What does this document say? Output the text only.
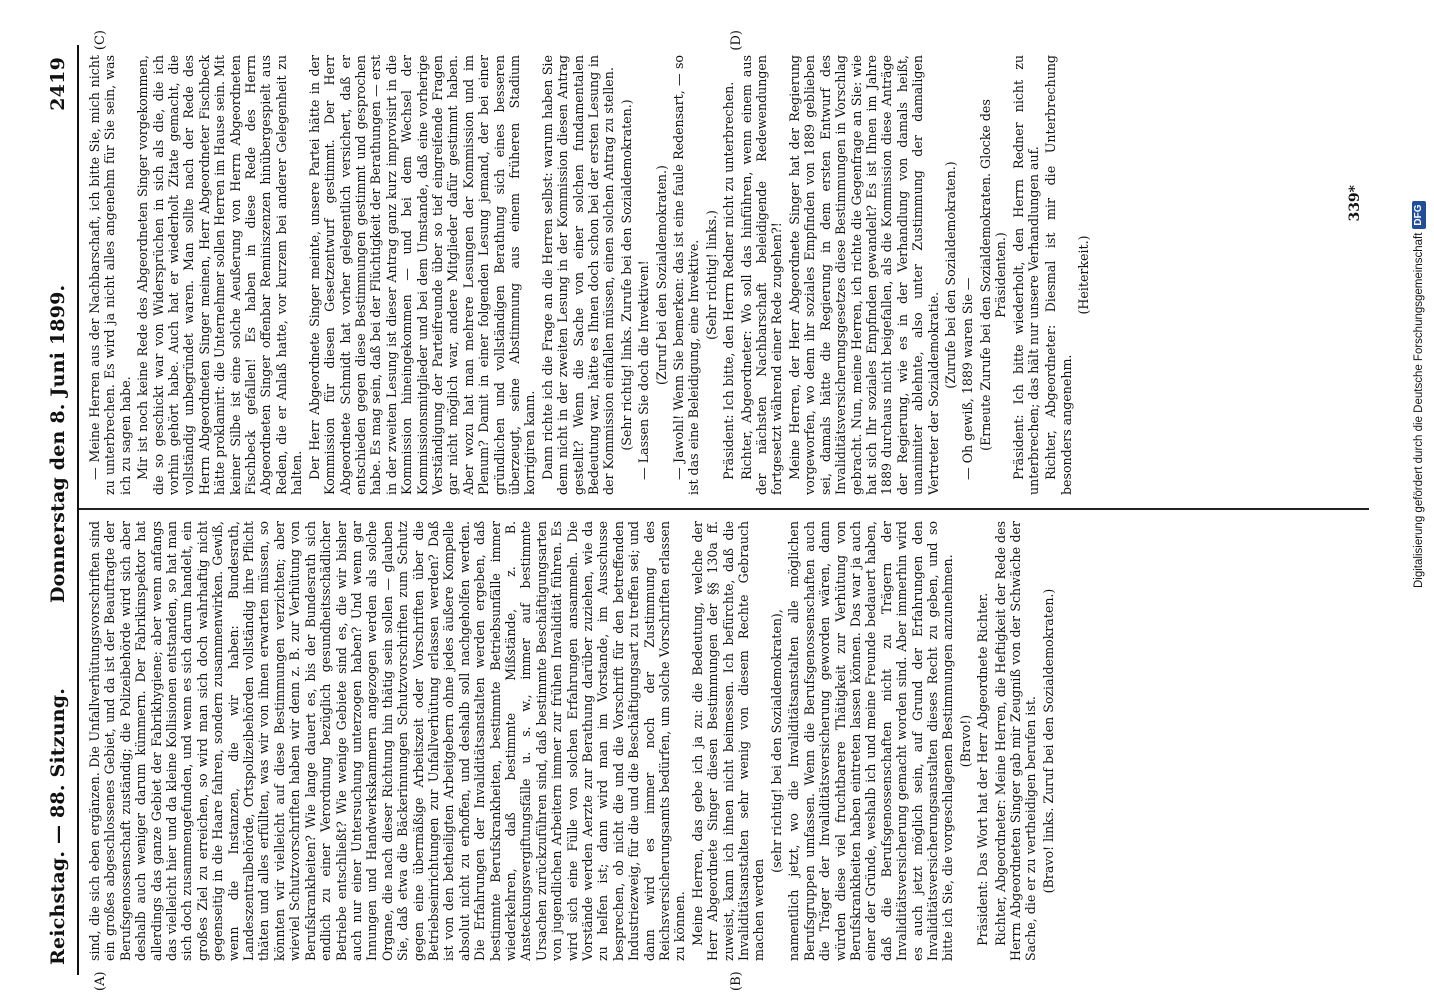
Reichstag. — 88. Sitzung.
Donnerstag den 8. Juni 1899.
2419
(A)	(B)
(C)	(D)

sind, die sich eben ergänzen. Die Unfallverhütungsvorschriften sind ein großes abgeschlossenes Gebiet, und da ist der Beauftragte der Berufsgenossenschaft zuständig; die Polizeibehörde wird sich aber deshalb auch weniger darum kümmern. Der Fabrikinspektor hat allerdings das ganze Gebiet der Fabrikhygiene; aber wenn anfangs das vielleicht hier und da kleine Kollisionen entstanden, so hat man sich doch zusammengefunden, und wenn es sich darum handelt, ein großes Ziel zu erreichen, so wird man sich doch wahrhaftig nicht gegenseitig in die Haare fahren, sondern zusammenwirken. Gewiß, wenn die Instanzen, die wir haben: Bundesrath, Landeszentralbehörde, Ortspolizeibehörden vollständig ihre Pflicht thäten und alles erfüllten, was wir von ihnen erwarten müssen, so könnten wir vielleicht auf diese Bestimmungen verzichten; aber wieviel Schutzvorschriften haben wir denn z. B. zur Verhütung von Berufskrankheiten? Wie lange dauert es, bis der Bundesrath sich endlich zu einer Verordnung bezüglich gesundheitsschädlicher Betriebe entschließt? Wie wenige Gebiete sind es, die wir bisher auch nur einer Untersuchung unterzogen haben? Und wenn gar Innungen und Handwerkskammern angezogen werden als solche Organe, die nach dieser Richtung hin thätig sein sollen — glauben Sie, daß etwa die Bäckerinnungen Schutzvorschriften zum Schutz gegen eine übermäßige Arbeitszeit oder Vorschriften über die Betriebseinrichtungen zur Unfallverhütung erlassen werden? Daß ist von den betheiligten Arbeitgebern ohne jedes äußere Kompelle absolut nicht zu erhoffen, und deshalb soll nachgeholfen werden. Die Erfahrungen der Invaliditätsanstalten werden ergeben, daß bestimmte Berufskrankheiten, bestimmte Betriebsunfälle immer wiederkehren, daß bestimmte Mißstände, z. B. Ansteckungsvergiftungsfälle u. s. w., immer auf bestimmte Ursachen zurückzuführen sind, daß bestimmte Beschäftigungsarten von jugendlichen Arbeitern immer zur frühen Invalidität führen. Es wird sich eine Fülle von solchen Erfahrungen ansammeln. Die Vorstände werden Aerzte zur Berathung darüber zuziehen, wie da zu helfen ist; dann wird man im Vorstande, im Ausschusse besprechen, ob nicht die und die Vorschrift für den betreffenden Industriezweig, für die und die Beschäftigungsart zu treffen sei; und dann wird es immer noch der Zustimmung des Reichsversicherungsamts bedürfen, um solche Vorschriften erlassen zu können. Meine Herren, das gebe ich ja zu: die Bedeutung, welche der Herr Abgeordnete Singer diesen Bestimmungen der §§ 130a ff. zuweist, kann ich ihnen nicht beimessen. Ich befürchte, daß die Invaliditätsanstalten sehr wenig von diesem Rechte Gebrauch machen werden

(sehr richtig! bei den Sozialdemokraten), namentlich jetzt, wo die Invaliditätsanstalten alle möglichen Berufsgruppen umfassen. Wenn die Berufsgenossenschaften auch die Träger der Invaliditätsversicherung geworden wären, dann würden diese viel fruchtbarere Thätigkeit zur Verhütung von Berufskrankheiten haben eintreten lassen können. Das war ja auch einer der Gründe, weshalb ich und meine Freunde bedauert haben, daß die Berufsgenossenschaften nicht zu Trägern der Invaliditätsversicherung gemacht worden sind. Aber immerhin wird es auch jetzt möglich sein, auf Grund der Erfahrungen den Invaliditätsversicherungsanstalten dieses Recht zu geben, und so bitte ich Sie, die vorgeschlagenen Bestimmungen anzunehmen. (Bravo!) Präsident: Das Wort hat der Herr Abgeordnete Richter. Richter, Abgeordneter: Meine Herren, die Heftigkeit der Rede des Herrn Abgeordneten Singer gab mir Zeugniß von der Schwäche der Sache, die er zu vertheidigen berufen ist. (Bravo! links. Zuruf bei den Sozialdemokraten.)

— Meine Herren aus der Nachbarschaft, ich bitte Sie, mich nicht zu unterbrechen. Es wird ja nicht alles angenehm für Sie sein, was ich zu sagen habe. Mir ist noch keine Rede des Abgeordneten Singer vorgekommen, die so geschickt war von Widersprüchen in sich als die, die ich vorhin gehört habe. Auch hat er wiederholt Zitate gemacht, die vollständig unbegründet waren. Man sollte nach der Rede des Herrn Abgeordneten Singer meinen, Herr Abgeordneter Fischbeck hätte proklamirt: die Unternehmer sollen Herren im Hause sein. Mit keiner Silbe ist eine solche Aeußerung von Herrn Abgeordneten Fischbeck gefallen! Es haben in diese Rede des Herrn Abgeordneten Singer offenbar Reminiszenzen hinübergespielt aus Reden, die er Anlaß hatte, vor kurzem bei anderer Gelegenheit zu halten. Der Herr Abgeordnete Singer meinte, unsere Partei hätte in der Kommission für diesen Gesetzentwurf gestimmt. Der Herr Abgeordnete Schmidt hat vorher gelegentlich versichert, daß er entschieden gegen diese Bestimmungen gestimmt und gesprochen habe. Es mag sein, daß bei der Flüchtigkeit der Berathungen — erst in der zweiten Lesung ist dieser Antrag ganz kurz improvisirt in die Kommission hineingekommen — und bei dem Wechsel der Kommissionsmitglieder und bei dem Umstande, daß eine vorherige Verständigung der Parteifreunde über so tief eingreifende Fragen gar nicht möglich war, andere Mitglieder dafür gestimmt haben. Aber wozu hat man mehrere Lesungen der Kommission und im Plenum? Damit in einer folgenden Lesung jemand, der bei einer gründlichen und vollständigen Berathung sich eines besseren überzeugt, seine Abstimmung aus einem früheren Stadium korrigiren kann. Dann richte ich die Frage an die Herren selbst: warum haben Sie denn nicht in der zweiten Lesung in der Kommission diesen Antrag gestellt? Wenn die Sache von einer solchen fundamentalen Bedeutung war, hätte es Ihnen doch schon bei der ersten Lesung in der Kommission einfallen müssen, einen solchen Antrag zu stellen. (Sehr richtig! links. Zurufe bei den Sozialdemokraten.) — Lassen Sie doch die Invektiven! (Zuruf bei den Sozialdemokraten.) — Jawohl! Wenn Sie bemerken: das ist eine faule Redensart, — so ist das eine Beleidigung, eine Invektive. (Sehr richtig! links.) Präsident: Ich bitte, den Herrn Redner nicht zu unterbrechen. Richter, Abgeordneter: Wo soll das hinführen, wenn einem aus der nächsten Nachbarschaft beleidigende Redewendungen fortgesetzt während einer Rede zugehen?! Meine Herren, der Herr Abgeordnete Singer hat der Regierung vorgeworfen, wo denn ihr soziales Empfinden von 1889 geblieben sei, damals hätte die Regierung in dem ersten Entwurf des Invaliditätsversicherungsgesetzes diese Bestimmungen in Vorschlag gebracht. Nun, meine Herren, ich richte die Gegenfrage an Sie: wie hat sich Ihr soziales Empfinden gewandelt? Es ist Ihnen im Jahre 1889 durchaus nicht beigefallen, als die Kommission diese Anträge der Regierung, wie es in der Verhandlung von damals heißt, unanimiter ablehnte, also unter Zustimmung der damaligen Vertreter der Sozialdemokratie.

(Zurufe bei den Sozialdemokraten.) — Oh gewiß, 1889 waren Sie — (Erneute Zurufe bei den Sozialdemokraten. Glocke des Präsidenten.) Präsident: Ich bitte wiederholt, den Herrn Redner nicht zu unterbrechen; das hält nur unsere Verhandlungen auf. Richter, Abgeordneter: Diesmal ist mir die Unterbrechung besonders angenehm.

(Heiterkeit.)

339*
Digitalisierung gefördert durch die Deutsche Forschungsgemeinschaft
DFG
